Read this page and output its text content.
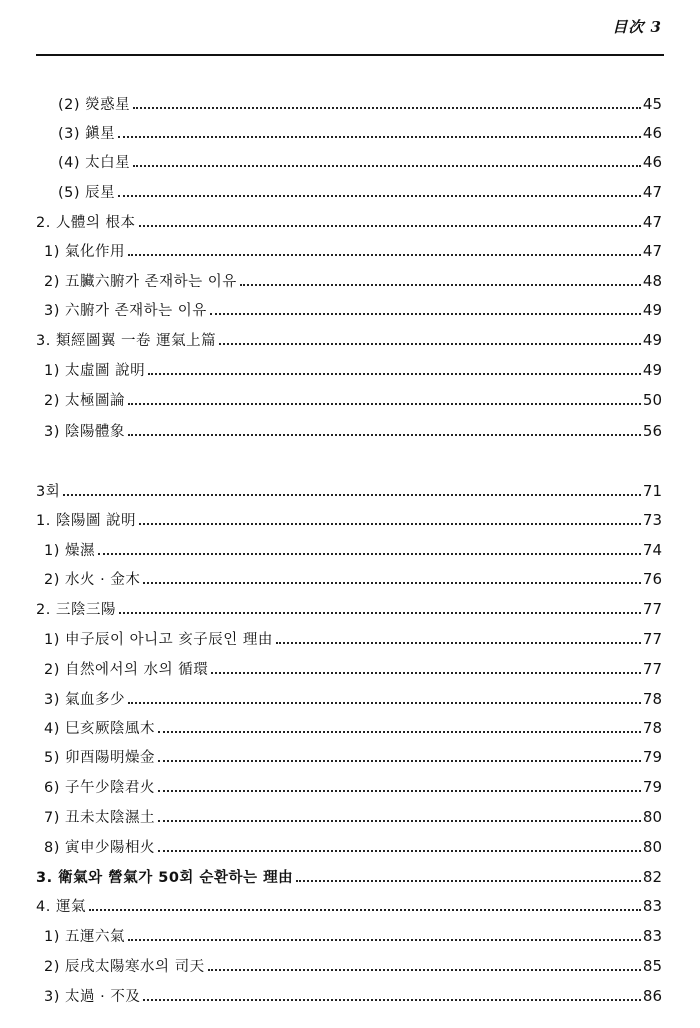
目次 3
(2) 熒惑星	45
(3) 鎭星	46
(4) 太白星	46
(5) 辰星	47
2. 人體의 根本	47
1) 氣化作用	47
2) 五臟六腑가 존재하는 이유	48
3) 六腑가 존재하는 이유	49
3. 類經圖翼 一卷 運氣上篇	49
1) 太虛圖 說明	49
2) 太極圖論	50
3) 陰陽體象	56
3회	71
1. 陰陽圖 說明	73
1) 燥濕	74
2) 水火 · 金木	76
2. 三陰三陽	77
1) 申子辰이 아니고 亥子辰인 理由	77
2) 自然에서의 水의 循環	77
3) 氣血多少	78
4) 巳亥厥陰風木	78
5) 卯酉陽明燥金	79
6) 子午少陰君火	79
7) 丑未太陰濕土	80
8) 寅申少陽相火	80
3. 衛氣와 營氣가 50회 순환하는 理由	82
4. 運氣	83
1) 五運六氣	83
2) 辰戌太陽寒水의 司天	85
3) 太過 · 不及	86
